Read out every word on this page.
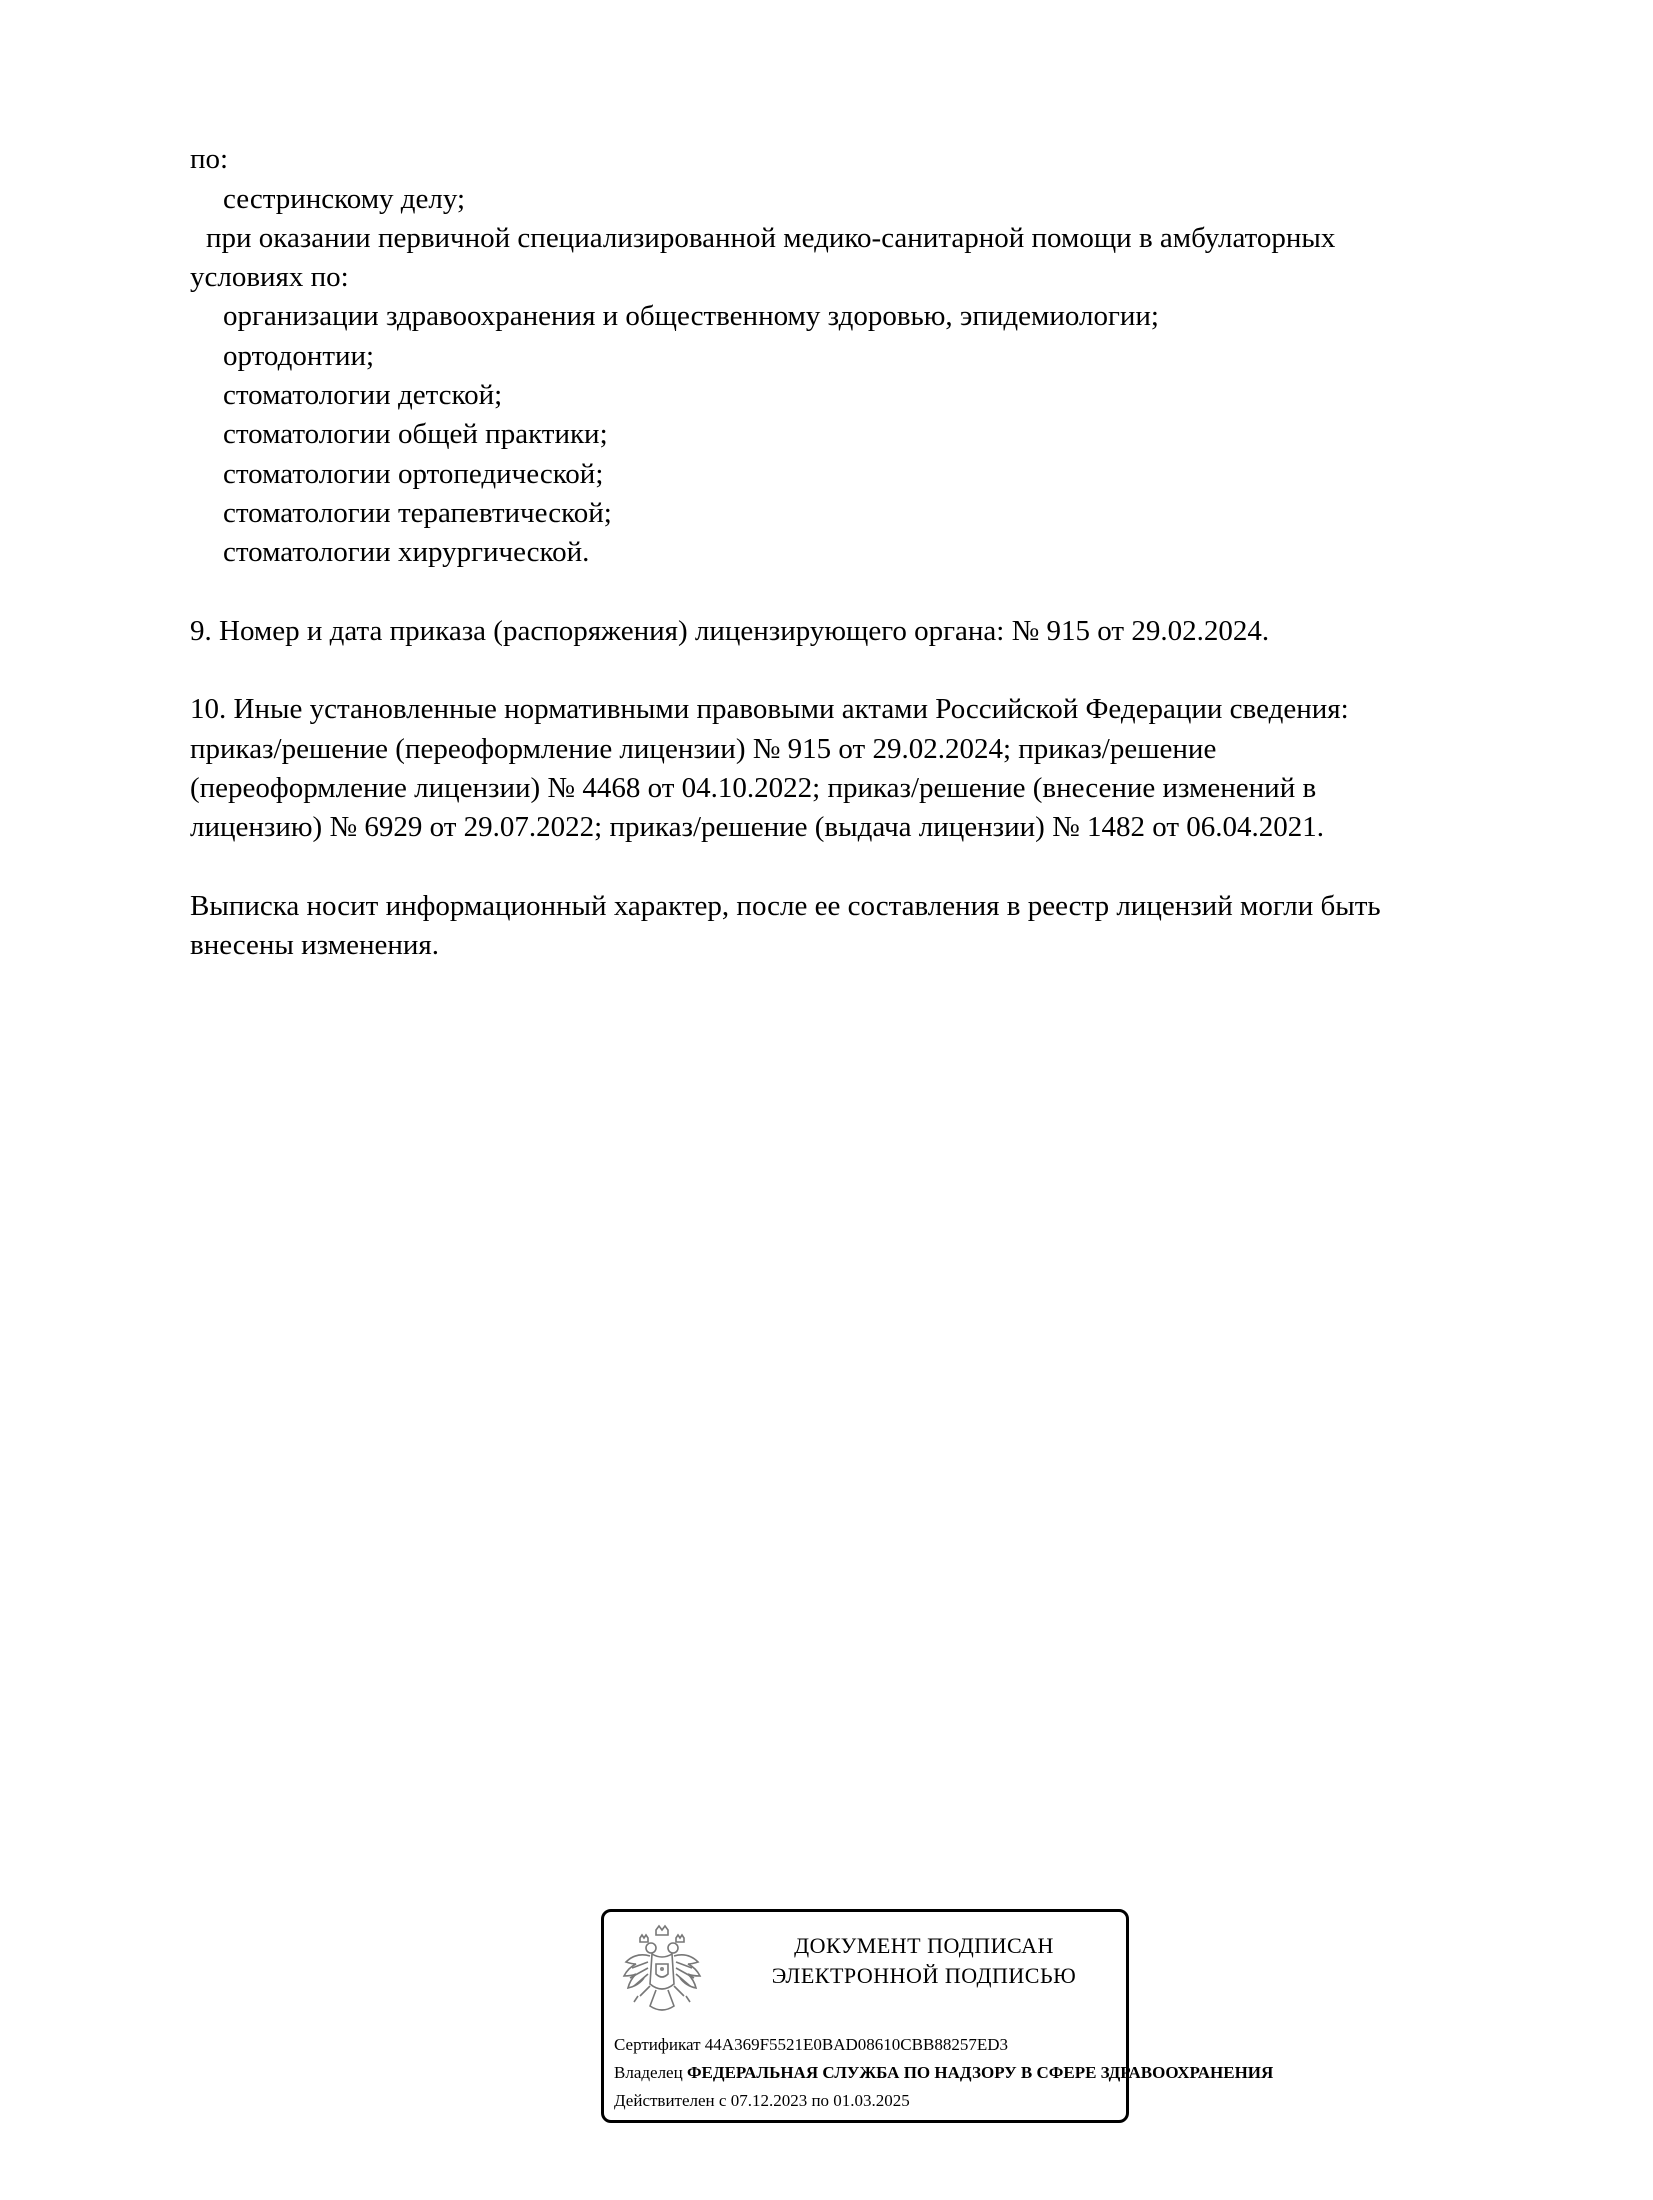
по:
сестринскому делу;
при оказании первичной специализированной медико-санитарной помощи в амбулаторных
условиях по:
организации здравоохранения и общественному здоровью, эпидемиологии;
ортодонтии;
стоматологии детской;
стоматологии общей практики;
стоматологии ортопедической;
стоматологии терапевтической;
стоматологии хирургической.
9. Номер и дата приказа (распоряжения) лицензирующего органа: № 915 от 29.02.2024.
10. Иные установленные нормативными правовыми актами Российской Федерации сведения:
приказ/решение (переоформление лицензии) № 915 от 29.02.2024; приказ/решение
(переоформление лицензии) № 4468 от 04.10.2022; приказ/решение (внесение изменений в
лицензию) № 6929 от 29.07.2022; приказ/решение (выдача лицензии) № 1482 от 06.04.2021.
Выписка носит информационный характер, после ее составления в реестр лицензий могли быть
внесены изменения.
ДОКУМЕНТ ПОДПИСАН
ЭЛЕКТРОННОЙ ПОДПИСЬЮ
Сертификат 44A369F5521E0BAD08610CBB88257ED3
Владелец ФЕДЕРАЛЬНАЯ СЛУЖБА ПО НАДЗОРУ В СФЕРЕ ЗДРАВООХРАНЕНИЯ
Действителен с 07.12.2023 по 01.03.2025
